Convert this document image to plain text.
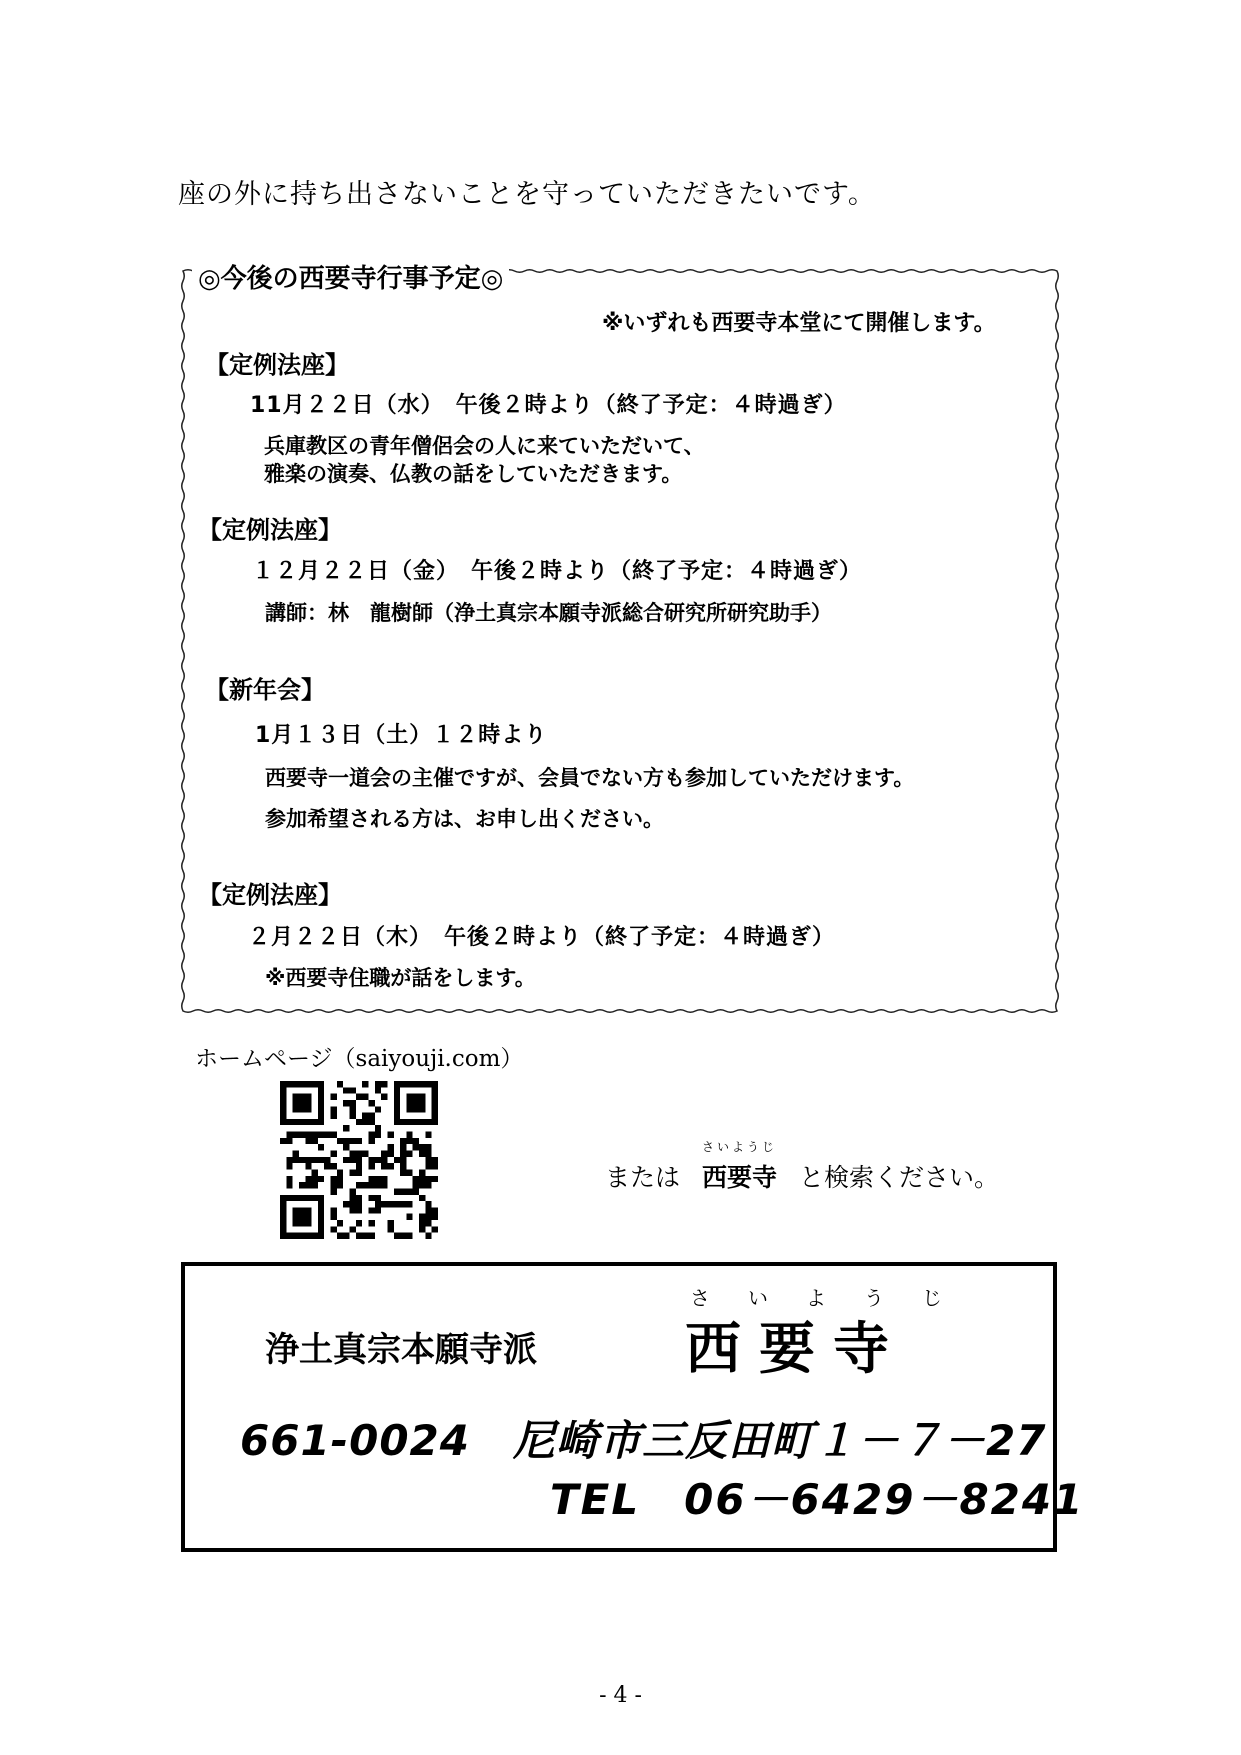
座の外に持ち出さないことを守っていただきたいです。
◎今後の西要寺行事予定◎
※いずれも西要寺本堂にて開催します。
【定例法座】
11月２２日（水）　午後２時より（終了予定：４時過ぎ）
兵庫教区の青年僧侶会の人に来ていただいて、
雅楽の演奏、仏教の話をしていただきます。
【定例法座】
１２月２２日（金）　午後２時より（終了予定：４時過ぎ）
講師：林　龍樹師（浄土真宗本願寺派総合研究所研究助手）
【新年会】
1月１３日（土）１２時より
西要寺一道会の主催ですが、会員でない方も参加していただけます。
参加希望される方は、お申し出ください。
【定例法座】
２月２２日（木）　午後２時より（終了予定：４時過ぎ）
※西要寺住職が話をします。
ホームページ（saiyouji.com）
または
さいようじ
西要寺 と検索ください。
浄土真宗本願寺派
さいようじ
西要寺
661-0024　尼崎市三反田町１－７－27
TEL　06－6429－8241
- 4 -
